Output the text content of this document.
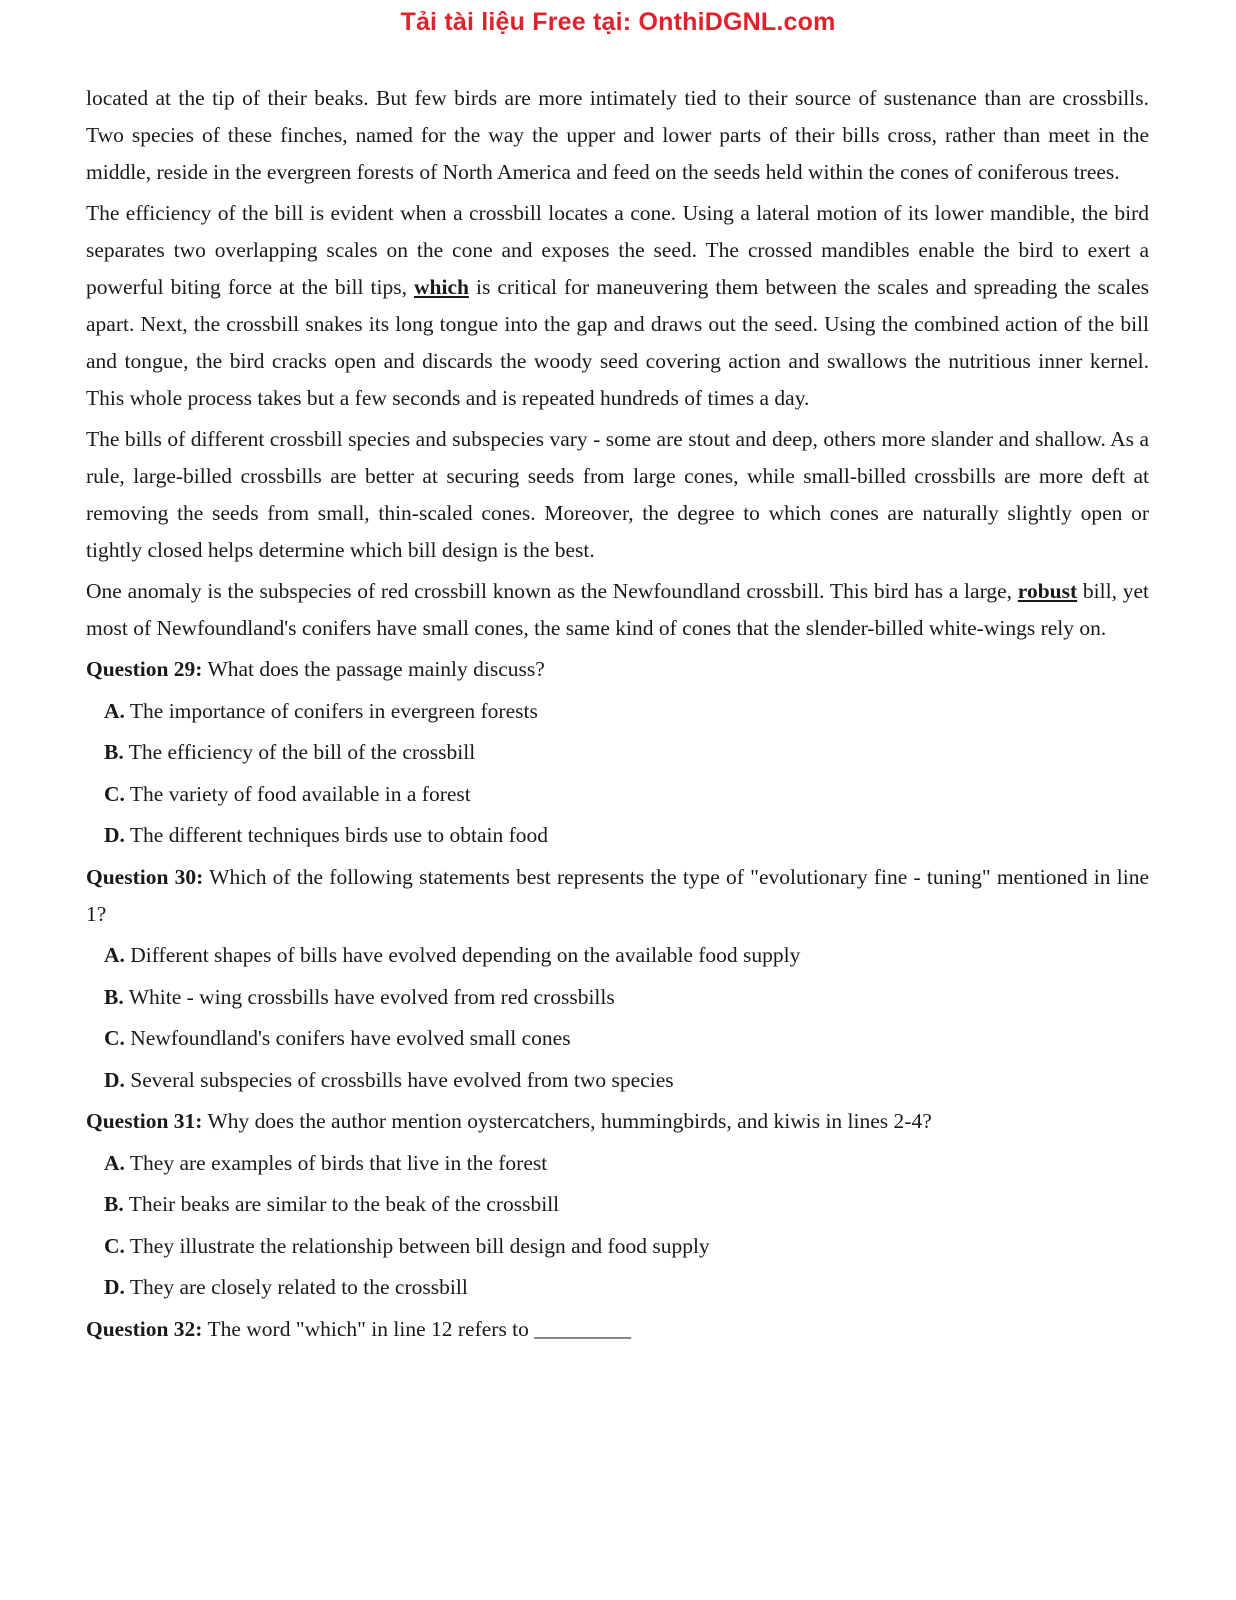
Tải tài liệu Free tại: OnthiDGNL.com

located at the tip of their beaks. But few birds are more intimately tied to their source of sustenance than are crossbills. Two species of these finches, named for the way the upper and lower parts of their bills cross, rather than meet in the middle, reside in the evergreen forests of North America and feed on the seeds held within the cones of coniferous trees.

The efficiency of the bill is evident when a crossbill locates a cone. Using a lateral motion of its lower mandible, the bird separates two overlapping scales on the cone and exposes the seed. The crossed mandibles enable the bird to exert a powerful biting force at the bill tips, which is critical for maneuvering them between the scales and spreading the scales apart. Next, the crossbill snakes its long tongue into the gap and draws out the seed. Using the combined action of the bill and tongue, the bird cracks open and discards the woody seed covering action and swallows the nutritious inner kernel. This whole process takes but a few seconds and is repeated hundreds of times a day.

The bills of different crossbill species and subspecies vary - some are stout and deep, others more slander and shallow. As a rule, large-billed crossbills are better at securing seeds from large cones, while small-billed crossbills are more deft at removing the seeds from small, thin-scaled cones. Moreover, the degree to which cones are naturally slightly open or tightly closed helps determine which bill design is the best.

One anomaly is the subspecies of red crossbill known as the Newfoundland crossbill. This bird has a large, robust bill, yet most of Newfoundland's conifers have small cones, the same kind of cones that the slender-billed white-wings rely on.

Question 29: What does the passage mainly discuss?
A. The importance of conifers in evergreen forests
B. The efficiency of the bill of the crossbill
C. The variety of food available in a forest
D. The different techniques birds use to obtain food
Question 30: Which of the following statements best represents the type of "evolutionary fine - tuning" mentioned in line 1?
A. Different shapes of bills have evolved depending on the available food supply
B. White - wing crossbills have evolved from red crossbills
C. Newfoundland's conifers have evolved small cones
D. Several subspecies of crossbills have evolved from two species
Question 31: Why does the author mention oystercatchers, hummingbirds, and kiwis in lines 2-4?
A. They are examples of birds that live in the forest
B. Their beaks are similar to the beak of the crossbill
C. They illustrate the relationship between bill design and food supply
D. They are closely related to the crossbill
Question 32: The word "which" in line 12 refers to _________
